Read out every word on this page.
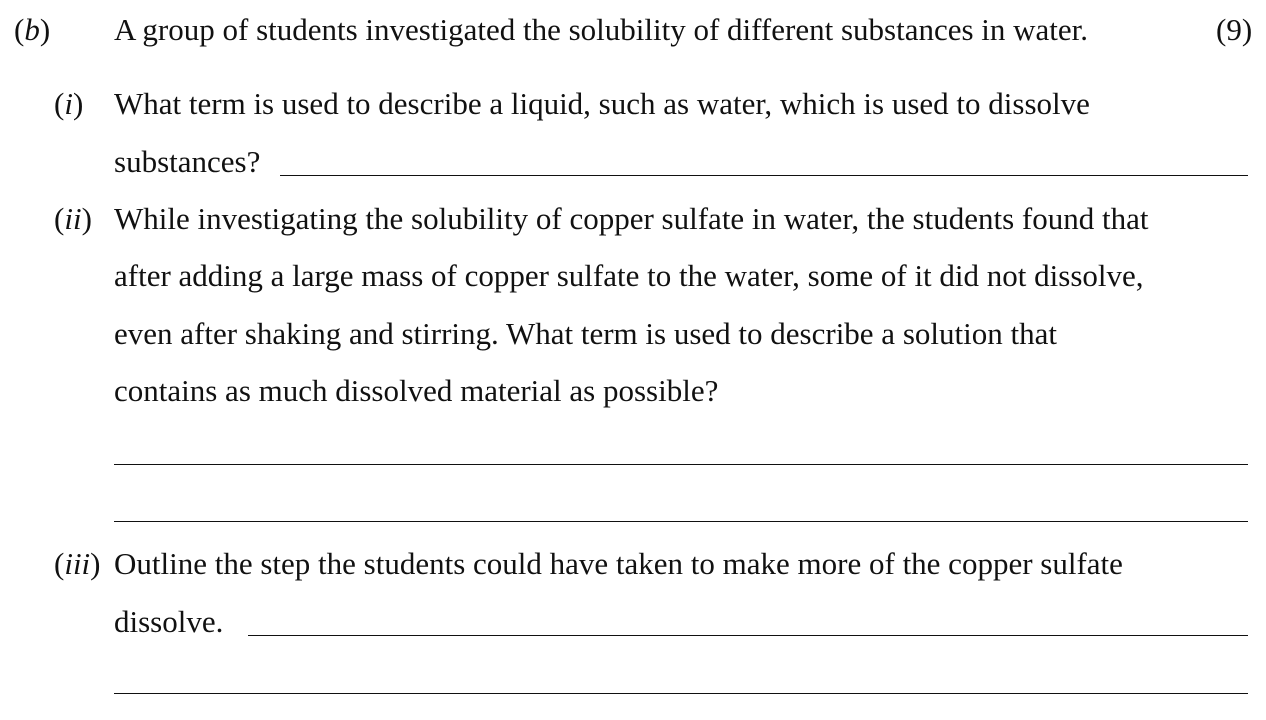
(b) A group of students investigated the solubility of different substances in water.	(9)
(i) What term is used to describe a liquid, such as water, which is used to dissolve
substances?
(ii) While investigating the solubility of copper sulfate in water, the students found that
after adding a large mass of copper sulfate to the water, some of it did not dissolve,
even after shaking and stirring. What term is used to describe a solution that
contains as much dissolved material as possible?
(iii) Outline the step the students could have taken to make more of the copper sulfate
dissolve.
